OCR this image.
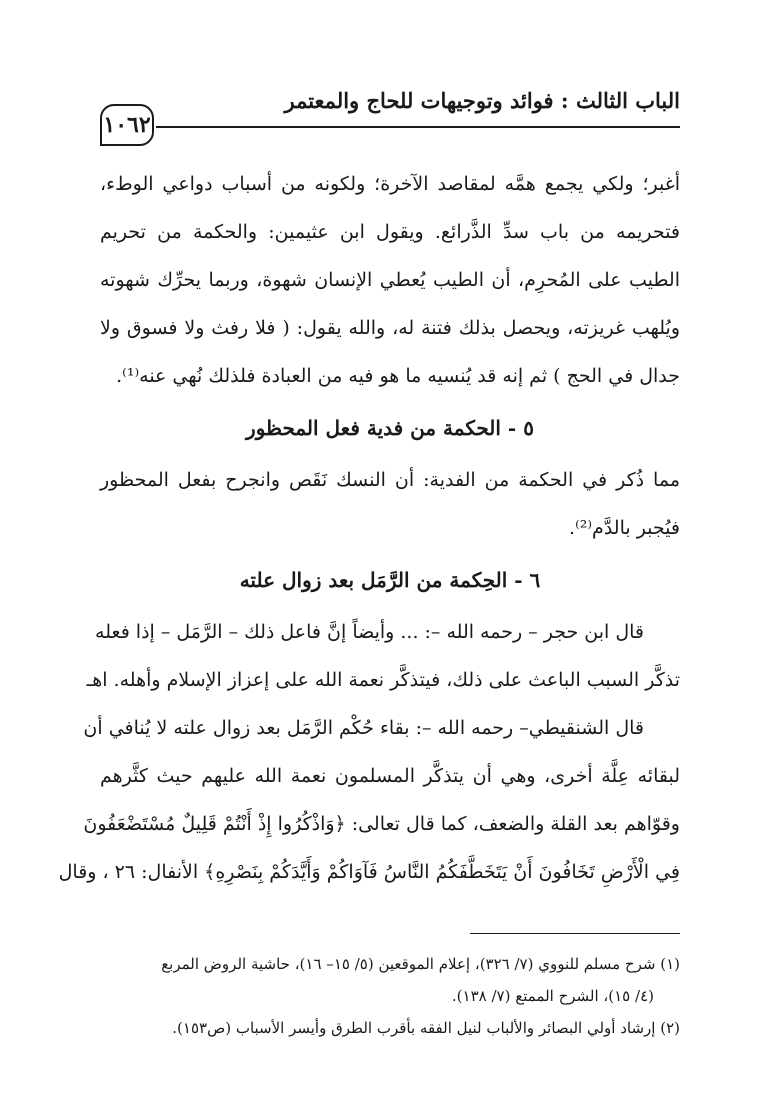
الباب الثالث : فوائد وتوجيهات للحاج والمعتمر
١٠٦٢
أغبر؛ ولكي يجمع همَّه لمقاصد الآخرة؛ ولكونه من أسباب دواعي الوطء،
فتحريمه من باب سدِّ الذَّرائع. ويقول ابن عثيمين: والحكمة من تحريم
الطيب على المُحرِم، أن الطيب يُعطي الإنسان شهوة، وربما يحرِّك شهوته
ويُلهب غريزته، ويحصل بذلك فتنة له، والله يقول: ( فلا رفث ولا فسوق ولا
جدال في الحج ) ثم إنه قد يُنسيه ما هو فيه من العبادة فلذلك نُهي عنه⁽¹⁾.
٥ - الحكمة من فدية فعل المحظور
مما ذُكر في الحكمة من الفدية: أن النسك نَقَص وانجرح بفعل المحظور
فيُجبر بالدَّم⁽²⁾.
٦ - الحِكمة من الرَّمَل بعد زوال علته
قال ابن حجر – رحمه الله –: ... وأيضاً إنَّ فاعل ذلك – الرَّمَل – إذا فعله
تذكَّر السبب الباعث على ذلك، فيتذكَّر نعمة الله على إعزاز الإسلام وأهله. اهـ
قال الشنقيطي– رحمه الله –: بقاء حُكْم الرَّمَل بعد زوال علته لا يُنافي أن
لبقائه عِلَّة أخرى، وهي أن يتذكَّر المسلمون نعمة الله عليهم حيث كثَّرهم
وقوّاهم بعد القلة والضعف، كما قال تعالى: ﴿وَاذْكُرُوا إِذْ أَنْتُمْ قَلِيلٌ مُسْتَضْعَفُونَ
فِي الْأَرْضِ تَخَافُونَ أَنْ يَتَخَطَّفَكُمُ النَّاسُ فَآوَاكُمْ وَأَيَّدَكُمْ بِنَصْرِهِ﴾ الأنفال: ٢٦ ، وقال
(١) شرح مسلم للنووي (٧/ ٣٢٦)، إعلام الموقعين (٥/ ١٥– ١٦)، حاشية الروض المربع
(٤/ ١٥)، الشرح الممتع (٧/ ١٣٨).
(٢) إرشاد أولي البصائر والألباب لنيل الفقه بأقرب الطرق وأيسر الأسباب (ص١٥٣).
